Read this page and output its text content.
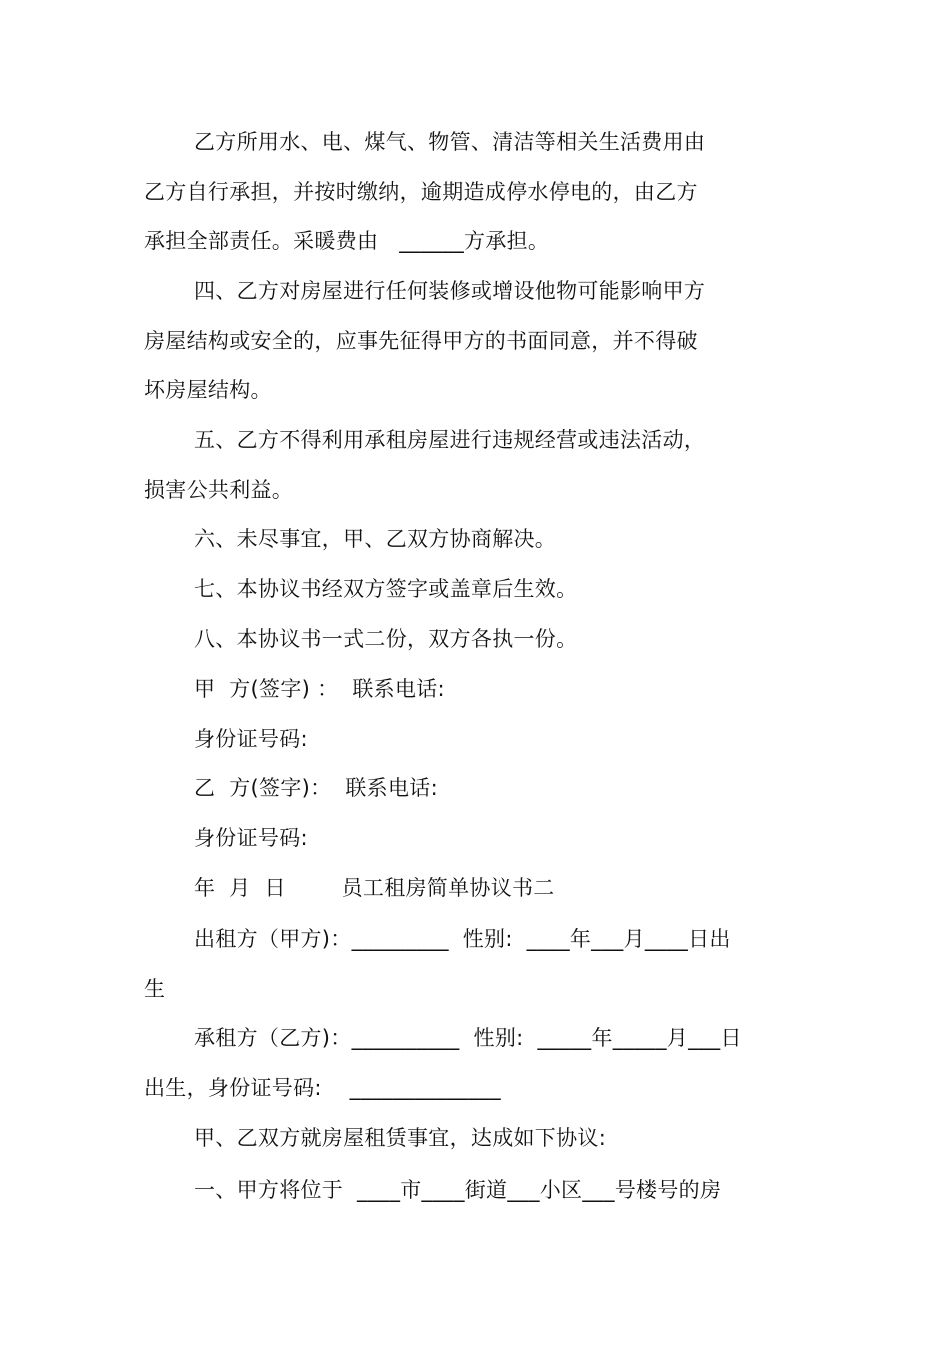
乙方所用水、电、煤气、物管、清洁等相关生活费用由
乙方自行承担，并按时缴纳，逾期造成停水停电的，由乙方
承担全部责任。采暖费由   ______方承担。
四、乙方对房屋进行任何装修或增设他物可能影响甲方
房屋结构或安全的，应事先征得甲方的书面同意，并不得破
坏房屋结构。
五、乙方不得利用承租房屋进行违规经营或违法活动，
损害公共利益。
六、未尽事宜，甲、乙双方协商解决。
七、本协议书经双方签字或盖章后生效。
八、本协议书一式二份，双方各执一份。
甲  方(签字) ：  联系电话:
身份证号码:
乙  方(签字)：  联系电话:
身份证号码:
年  月  日        员工租房简单协议书二
出租方（甲方)：_________  性别:  ____年___月____日出
生
承租方（乙方)：__________  性别:  _____年_____月___日
出生，身份证号码:    ______________
甲、乙双方就房屋租赁事宜，达成如下协议:
一、甲方将位于  ____市____街道___小区___号楼号的房
